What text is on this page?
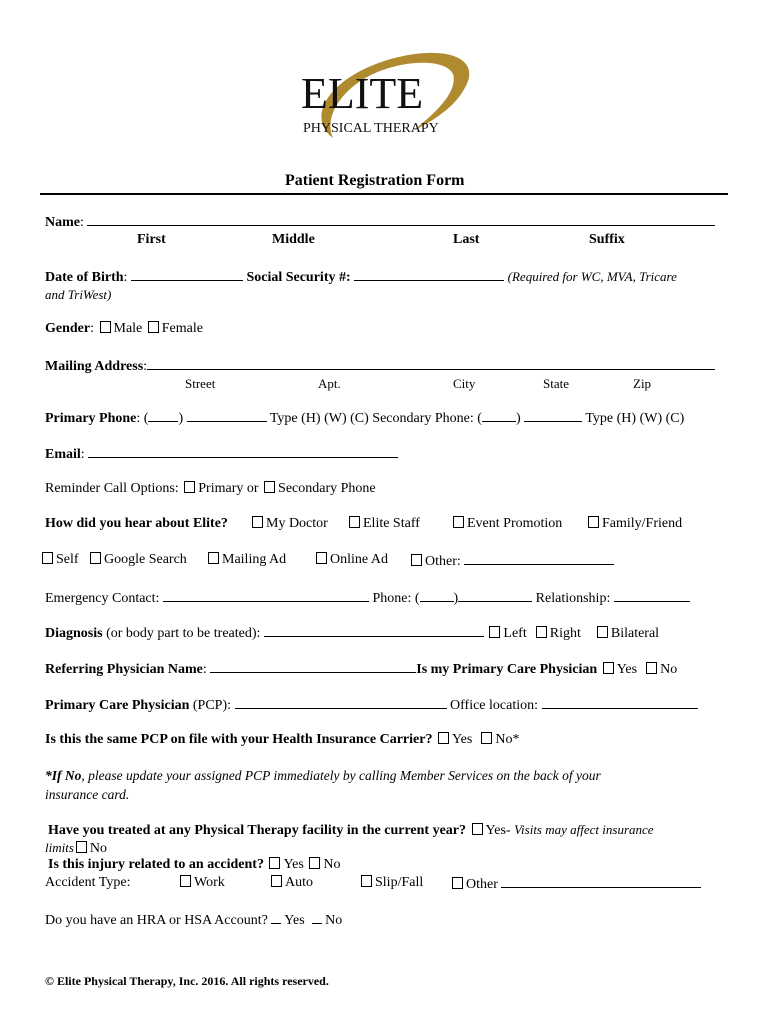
ELITE
PHYSICAL THERAPY
Patient Registration Form
Name:
First	Middle	Last	Suffix
Date of Birth:	Social Security #:	(Required for WC, MVA, Tricare
and TriWest)
Gender: Male Female
Mailing Address:
Street	Apt.	City	State	Zip
Primary Phone: ( )	Type (H) (W) (C) Secondary Phone: ( )	Type (H) (W) (C)
Email:
Reminder Call Options: Primary or Secondary Phone
How did you hear about Elite?	My Doctor	Elite Staff	Event Promotion	Family/Friend
Self	Google Search	Mailing Ad	Online Ad	Other:
Emergency Contact:	Phone: ( )	Relationship:
Diagnosis (or body part to be treated):	Left Right Bilateral
Referring Physician Name:	Is my Primary Care Physician Yes No
Primary Care Physician (PCP):	Office location:
Is this the same PCP on file with your Health Insurance Carrier? Yes No*
*If No, please update your assigned PCP immediately by calling Member Services on the back of your
insurance card.
Have you treated at any Physical Therapy facility in the current year? Yes- Visits may affect insurance
limits No
Is this injury related to an accident? Yes No
Accident Type:	Work	Auto	Slip/Fall	Other
Do you have an HRA or HSA Account? Yes No
© Elite Physical Therapy, Inc. 2016. All rights reserved.
